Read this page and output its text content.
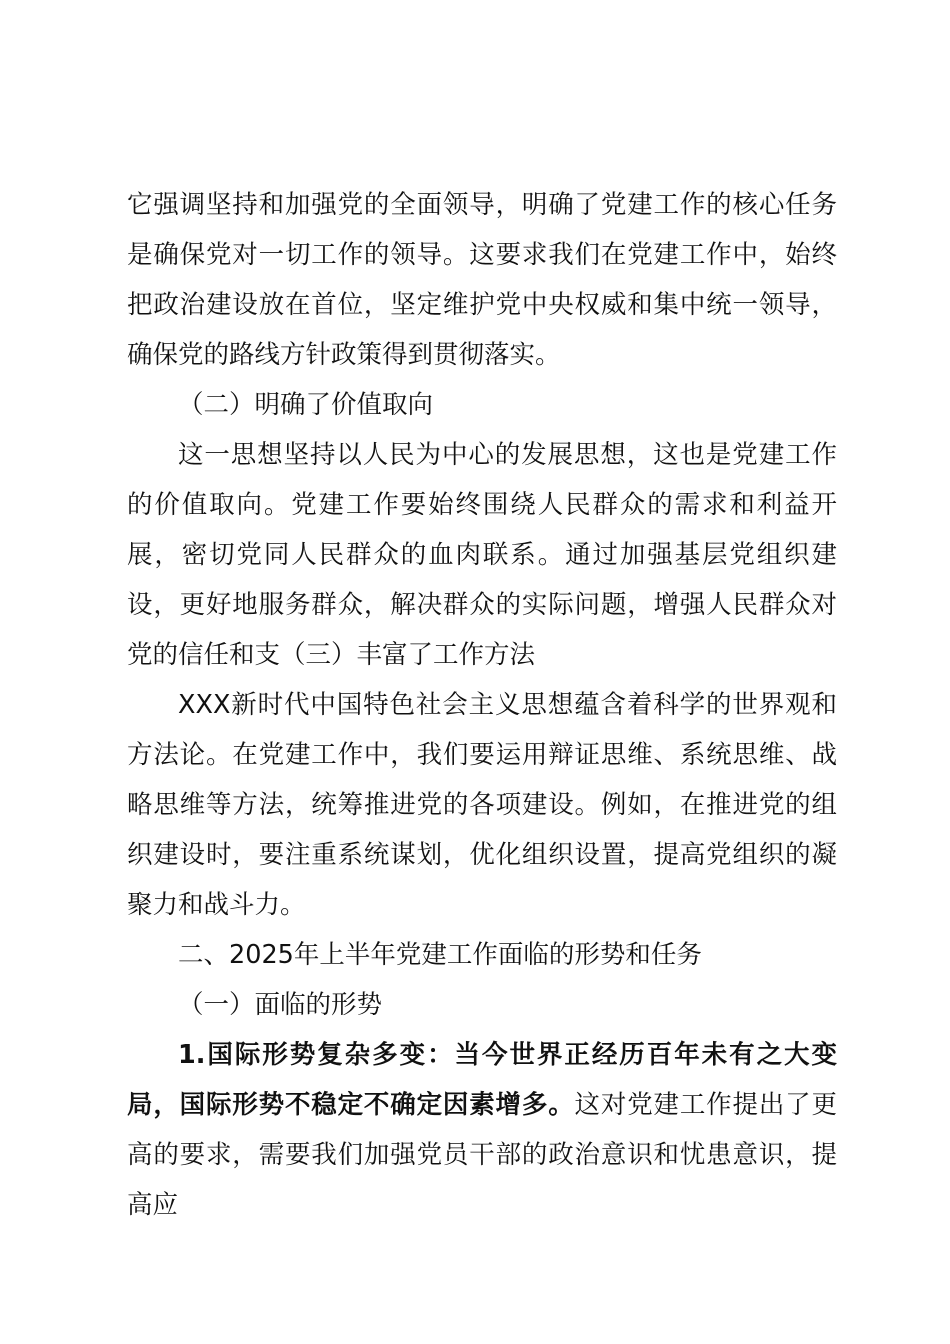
它强调坚持和加强党的全面领导，明确了党建工作的核心任务是确保党对一切工作的领导。这要求我们在党建工作中，始终把政治建设放在首位，坚定维护党中央权威和集中统一领导，确保党的路线方针政策得到贯彻落实。

（二）明确了价值取向

这一思想坚持以人民为中心的发展思想，这也是党建工作的价值取向。党建工作要始终围绕人民群众的需求和利益开展，密切党同人民群众的血肉联系。通过加强基层党组织建设，更好地服务群众，解决群众的实际问题，增强人民群众对党的信任和支（三）丰富了工作方法

XXX新时代中国特色社会主义思想蕴含着科学的世界观和方法论。在党建工作中，我们要运用辩证思维、系统思维、战略思维等方法，统筹推进党的各项建设。例如，在推进党的组织建设时，要注重系统谋划，优化组织设置，提高党组织的凝聚力和战斗力。

二、2025年上半年党建工作面临的形势和任务

（一）面临的形势

1.国际形势复杂多变：当今世界正经历百年未有之大变局，国际形势不稳定不确定因素增多。这对党建工作提出了更高的要求，需要我们加强党员干部的政治意识和忧患意识，提高应
